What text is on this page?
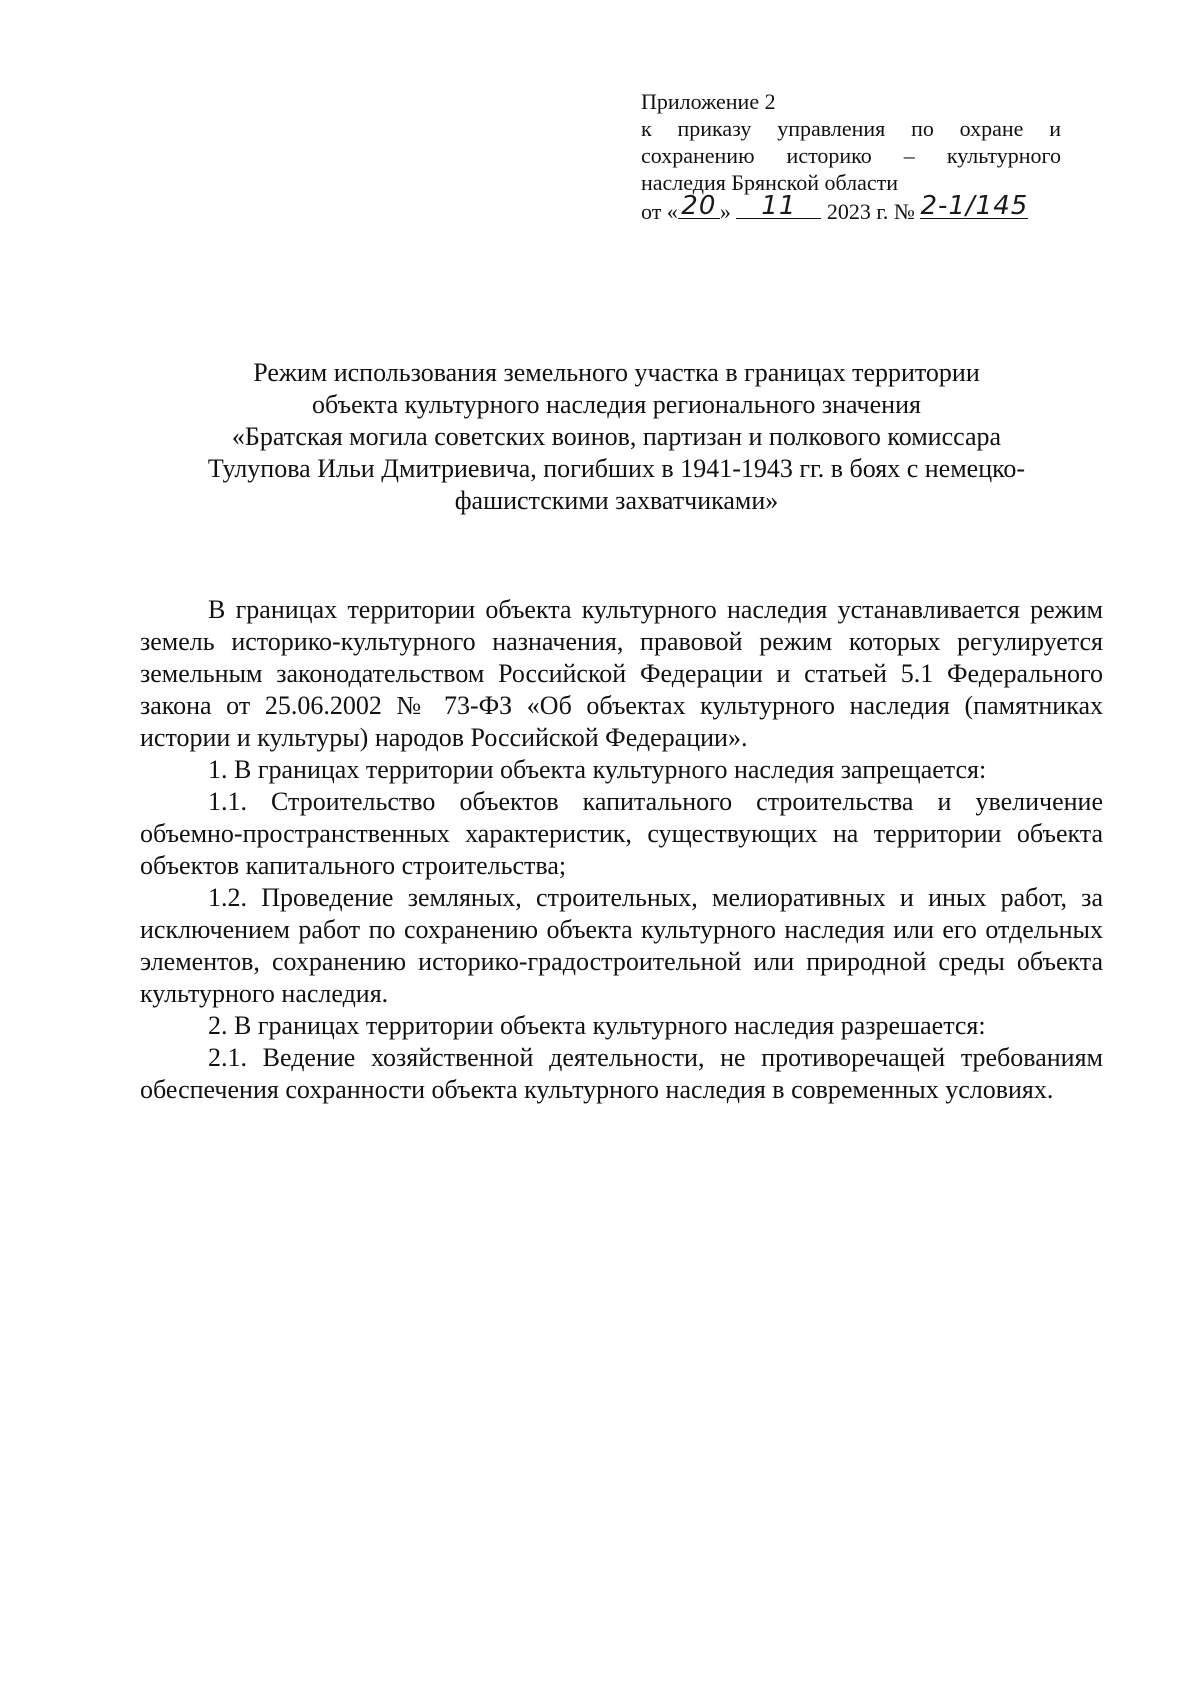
Приложение 2
к приказу управления по охране и
сохранению историко – культурного
наследия Брянской области
от « 20 »	11	2023 г. № 2-1/145
Режим использования земельного участка в границах территории
объекта культурного наследия регионального значения
«Братская могила советских воинов, партизан и полкового комиссара
Тулупова Ильи Дмитриевича, погибших в 1941-1943 гг. в боях с немецко-
фашистскими захватчиками»

В границах территории объекта культурного наследия устанавливается режим земель историко-культурного назначения, правовой режим которых регулируется земельным законодательством Российской Федерации и статьей 5.1 Федерального закона от 25.06.2002 № 73-ФЗ «Об объектах культурного наследия (памятниках истории и культуры) народов Российской Федерации».

1. В границах территории объекта культурного наследия запрещается:

1.1. Строительство объектов капитального строительства и увеличение объемно-пространственных характеристик, существующих на территории объекта объектов капитального строительства;

1.2. Проведение земляных, строительных, мелиоративных и иных работ, за исключением работ по сохранению объекта культурного наследия или его отдельных элементов, сохранению историко-градостроительной или природной среды объекта культурного наследия.

2. В границах территории объекта культурного наследия разрешается:

2.1. Ведение хозяйственной деятельности, не противоречащей требованиям обеспечения сохранности объекта культурного наследия в современных условиях.
